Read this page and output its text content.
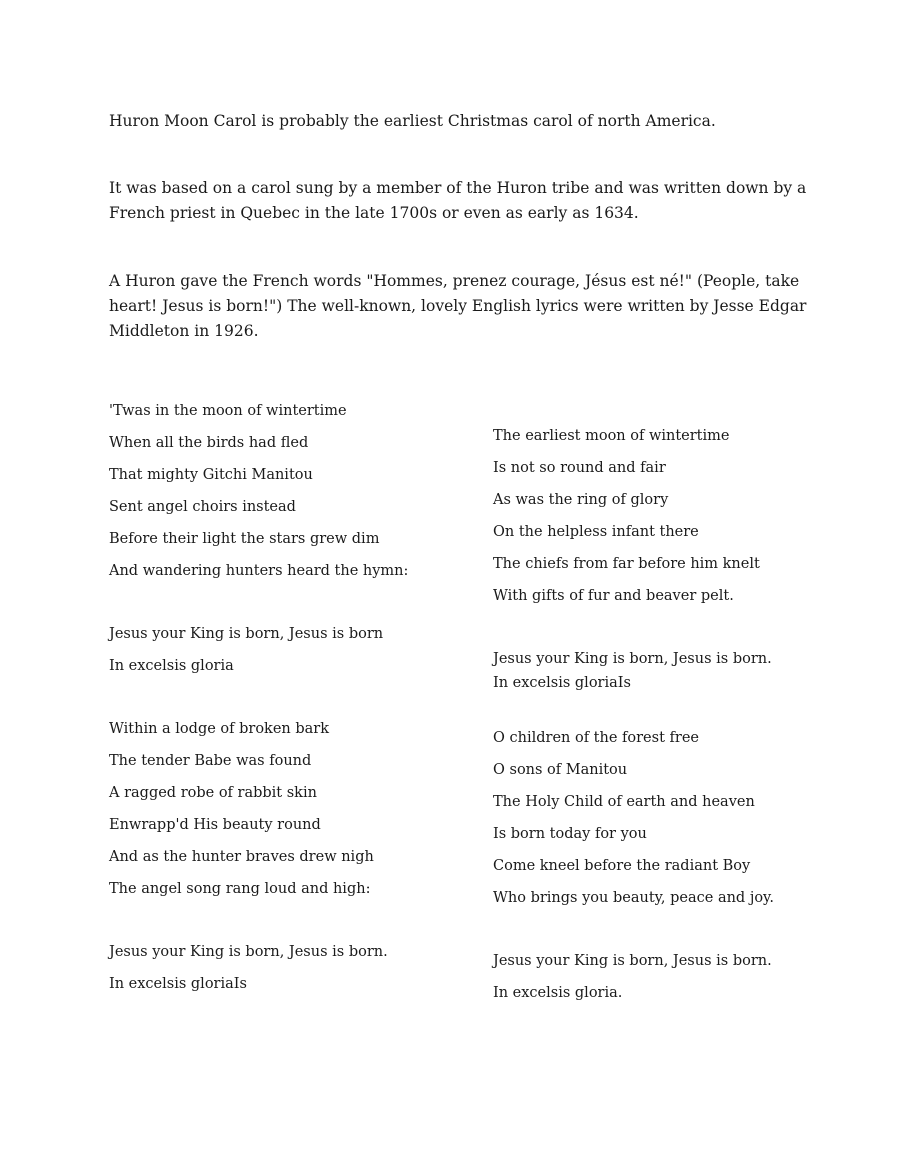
Huron Moon Carol is probably the earliest Christmas carol of north America.

It was based on a carol sung by a member of the Huron tribe and was written down by a French priest in Quebec in the late 1700s or even as early as 1634.

A Huron gave the French words "Hommes, prenez courage, Jésus est né!" (People, take heart! Jesus is born!") The well-known, lovely English lyrics were written by Jesse Edgar Middleton in 1926.

'Twas in the moon of wintertime
When all the birds had fled
That mighty Gitchi Manitou
Sent angel choirs instead
Before their light the stars grew dim
And wandering hunters heard the hymn:
Jesus your King is born, Jesus is born
In excelsis gloria
Within a lodge of broken bark
The tender Babe was found
A ragged robe of rabbit skin
Enwrapp'd His beauty round
And as the hunter braves drew nigh
The angel song rang loud and high:
Jesus your King is born, Jesus is born.
In excelsis gloriaIs
The earliest moon of wintertime
Is not so round and fair
As was the ring of glory
On the helpless infant there
The chiefs from far before him knelt
With gifts of fur and beaver pelt.
Jesus your King is born, Jesus is born.
In excelsis gloriaIs
O children of the forest free
O sons of Manitou
The Holy Child of earth and heaven
Is born today for you
Come kneel before the radiant Boy
Who brings you beauty, peace and joy.
Jesus your King is born, Jesus is born.
In excelsis gloria.
